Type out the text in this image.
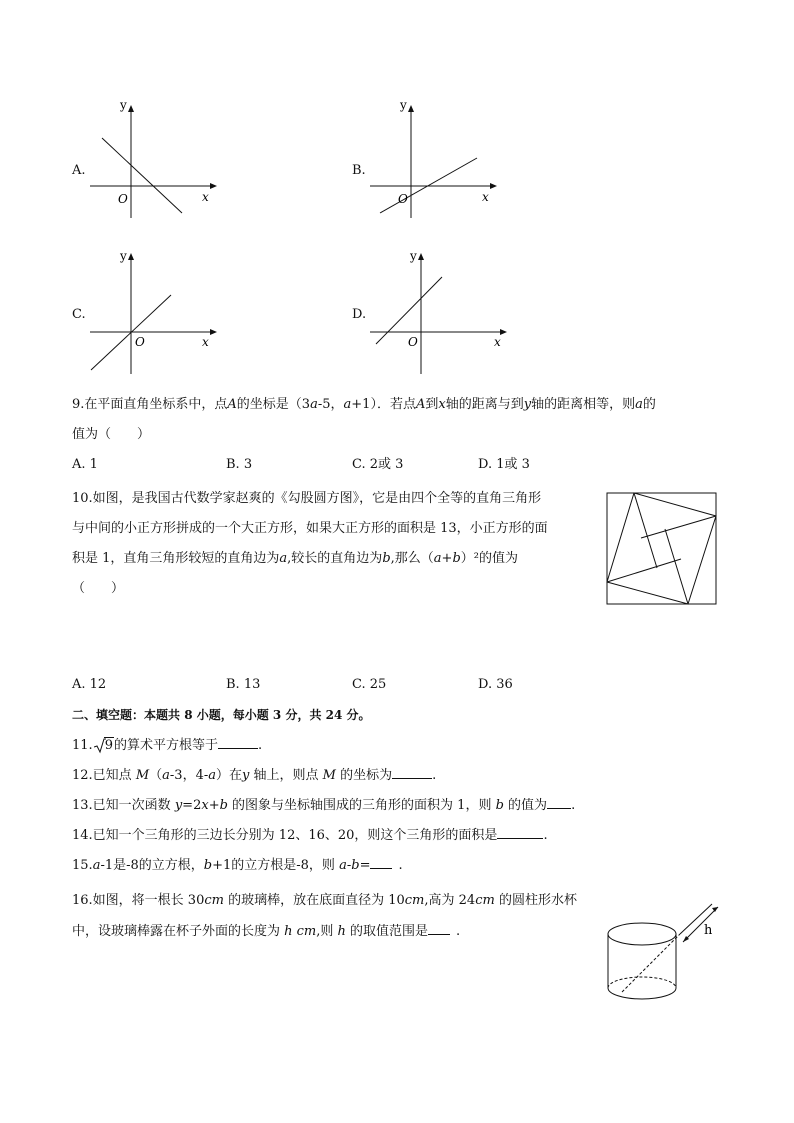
A.
y
x
O
B.
y
x
O
C.
y
x
O
D.
y
x
O
9.在平面直角坐标系中，点A的坐标是（3a-5，a+1）．若点A到x轴的距离与到y轴的距离相等，则a的
值为（　　）
A. 1	B. 3	C. 2或 3	D. 1或 3
10.如图，是我国古代数学家赵爽的《勾股圆方图》，它是由四个全等的直角三角形
与中间的小正方形拼成的一个大正方形，如果大正方形的面积是 13，小正方形的面
积是 1，直角三角形较短的直角边为a,较长的直角边为b,那么（a+b）²的值为
（　　）
A. 12	B. 13	C. 25	D. 36
二、填空题：本题共 8 小题，每小题 3 分，共 24 分。
11. 9的算术平方根等于	.
12.已知点 M（a-3，4-a）在y 轴上，则点 M 的坐标为	.
13.已知一次函数 y=2x+b 的图象与坐标轴围成的三角形的面积为 1，则 b 的值为 .
14.已知一个三角形的三边长分别为 12、16、20，则这个三角形的面积是	.
15.a-1是-8的立方根，b+1的立方根是-8，则 a-b= .
16.如图，将一根长 30cm 的玻璃棒，放在底面直径为 10cm,高为 24cm 的圆柱形水杯
中，设玻璃棒露在杯子外面的长度为 h cm,则 h 的取值范围是 .	h
